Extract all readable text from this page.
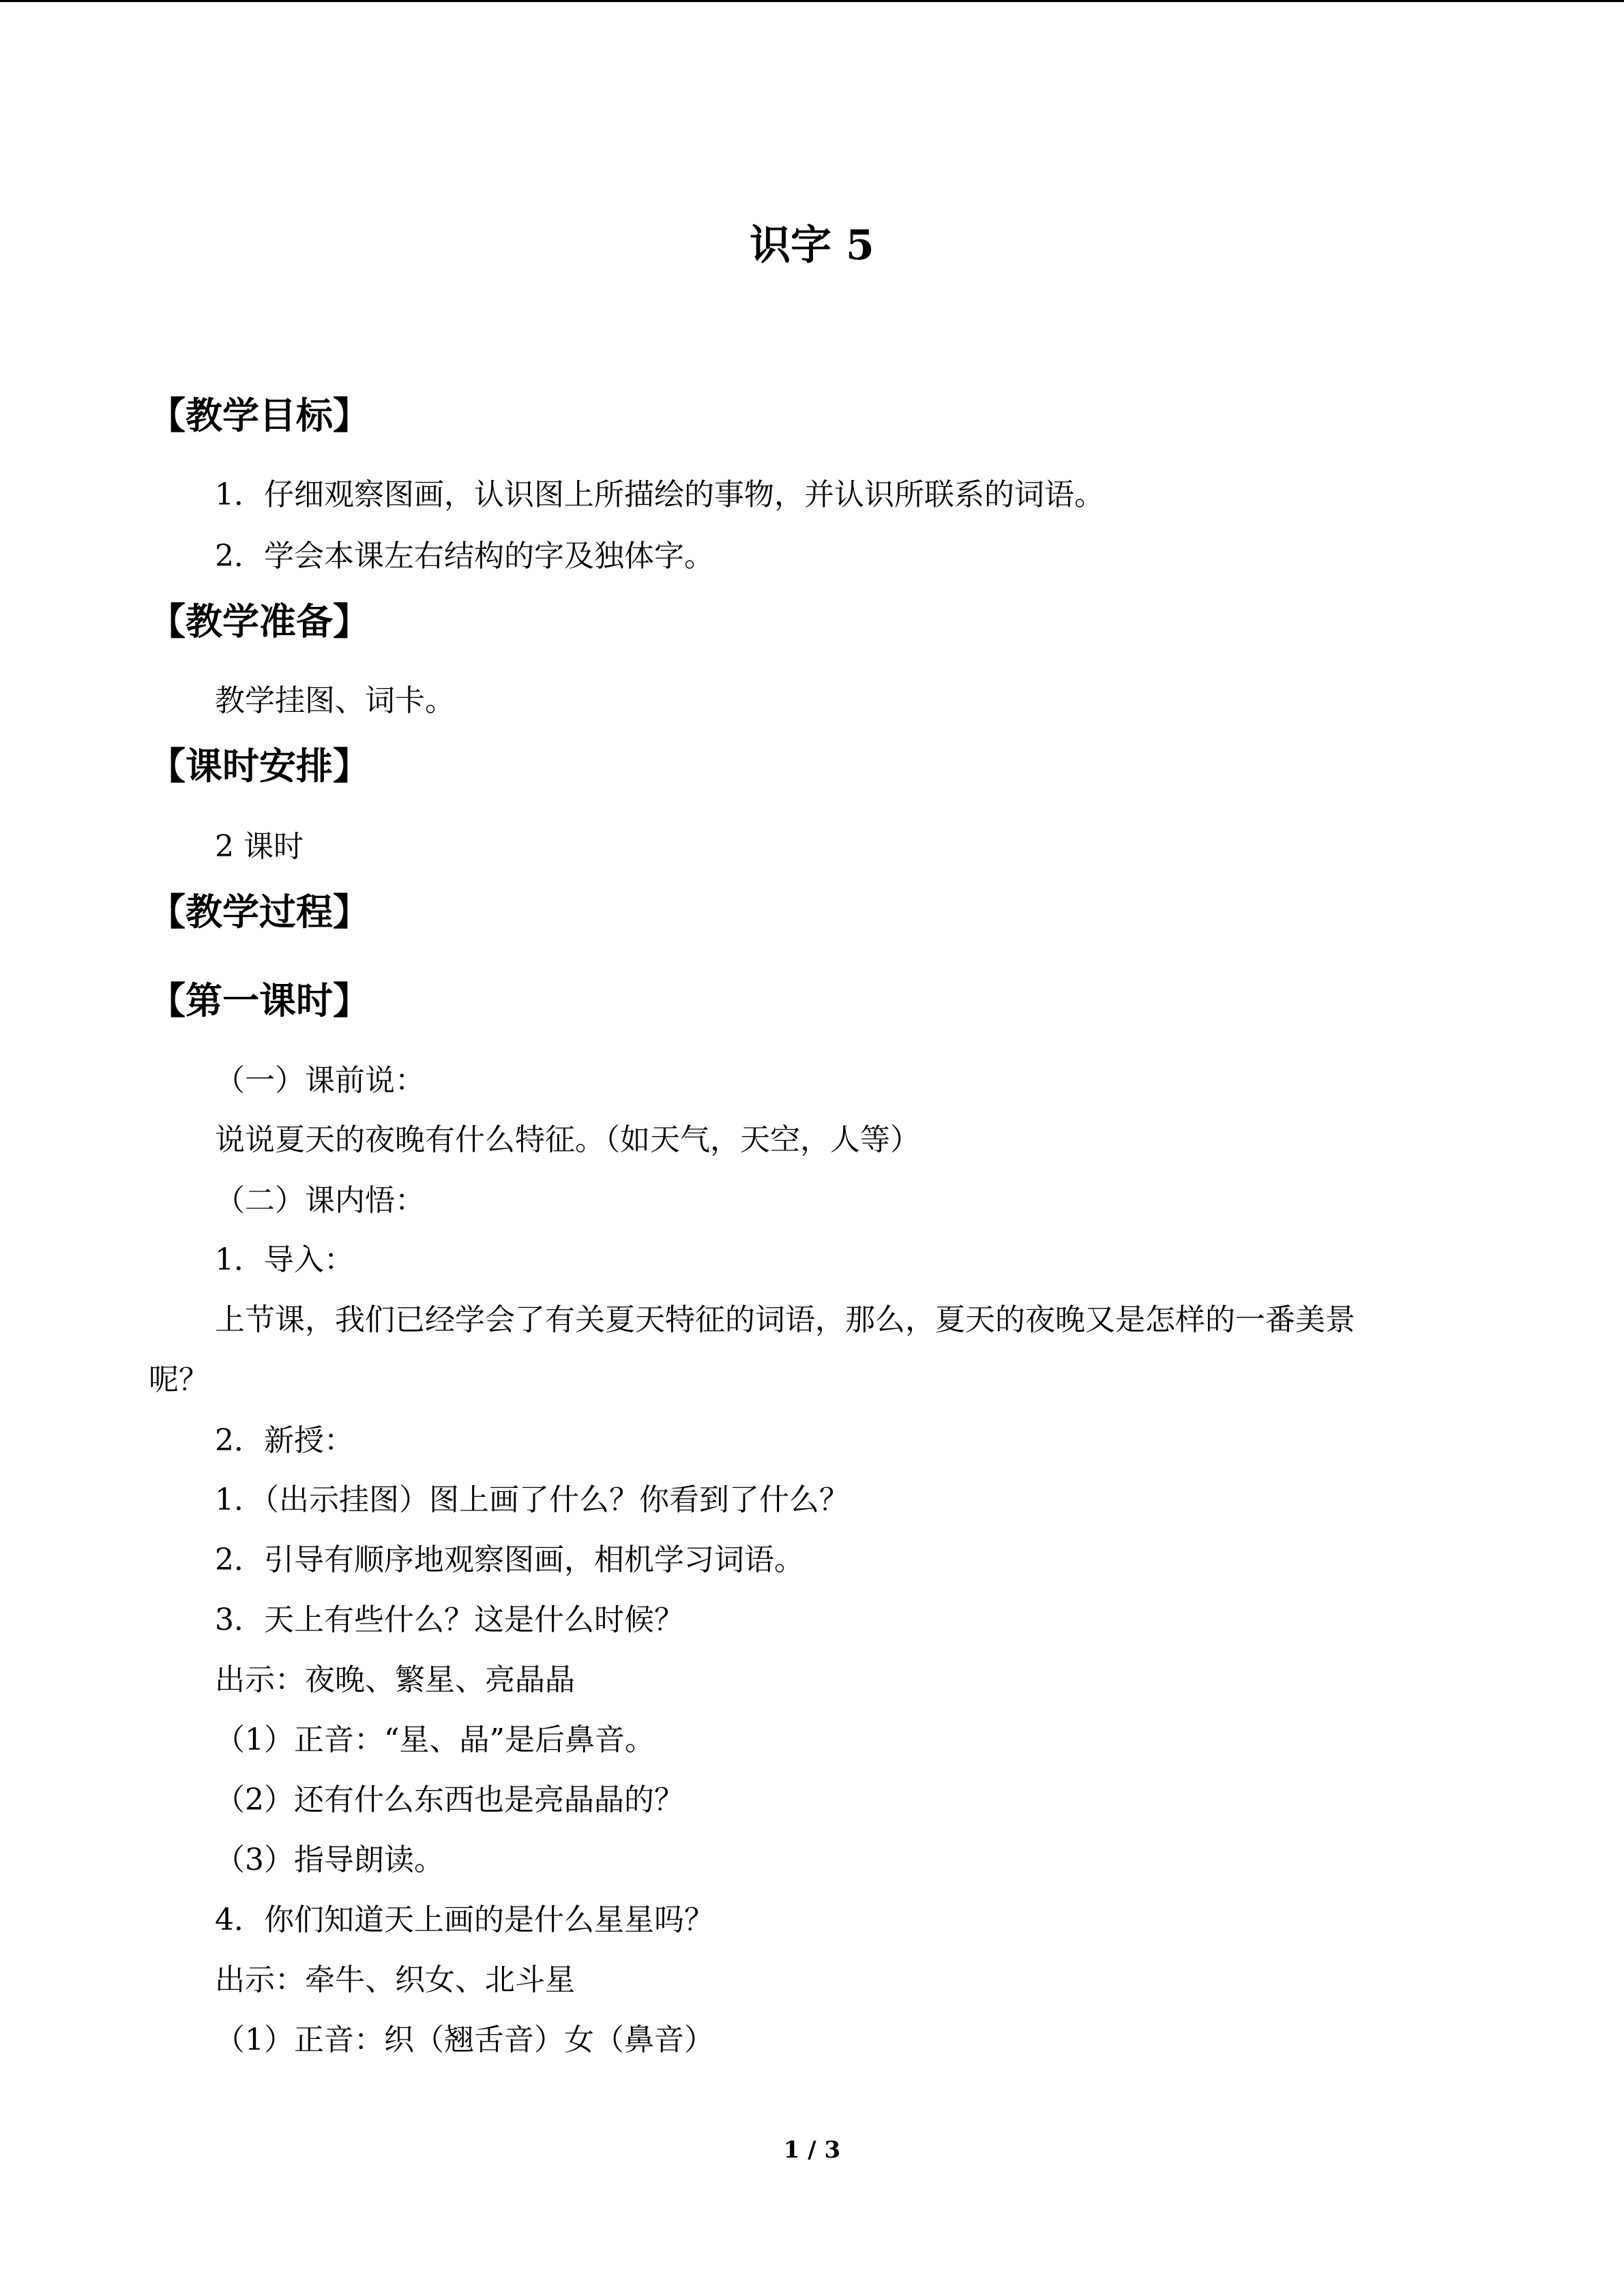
识字 5
【教学目标】
1．仔细观察图画，认识图上所描绘的事物，并认识所联系的词语。
2．学会本课左右结构的字及独体字。
【教学准备】
教学挂图、词卡。
【课时安排】
2 课时
【教学过程】
【第一课时】
（一）课前说：
说说夏天的夜晚有什么特征。（如天气，天空，人等）
（二）课内悟：
1．导入：
上节课，我们已经学会了有关夏天特征的词语，那么，夏天的夜晚又是怎样的一番美景
呢？
2．新授：
1．（出示挂图）图上画了什么？你看到了什么？
2．引导有顺序地观察图画，相机学习词语。
3．天上有些什么？这是什么时候？
出示：夜晚、繁星、亮晶晶
（1）正音：“星、晶”是后鼻音。
（2）还有什么东西也是亮晶晶的？
（3）指导朗读。
4．你们知道天上画的是什么星星吗？
出示：牵牛、织女、北斗星
（1）正音：织（翘舌音）女（鼻音）
1 / 3
